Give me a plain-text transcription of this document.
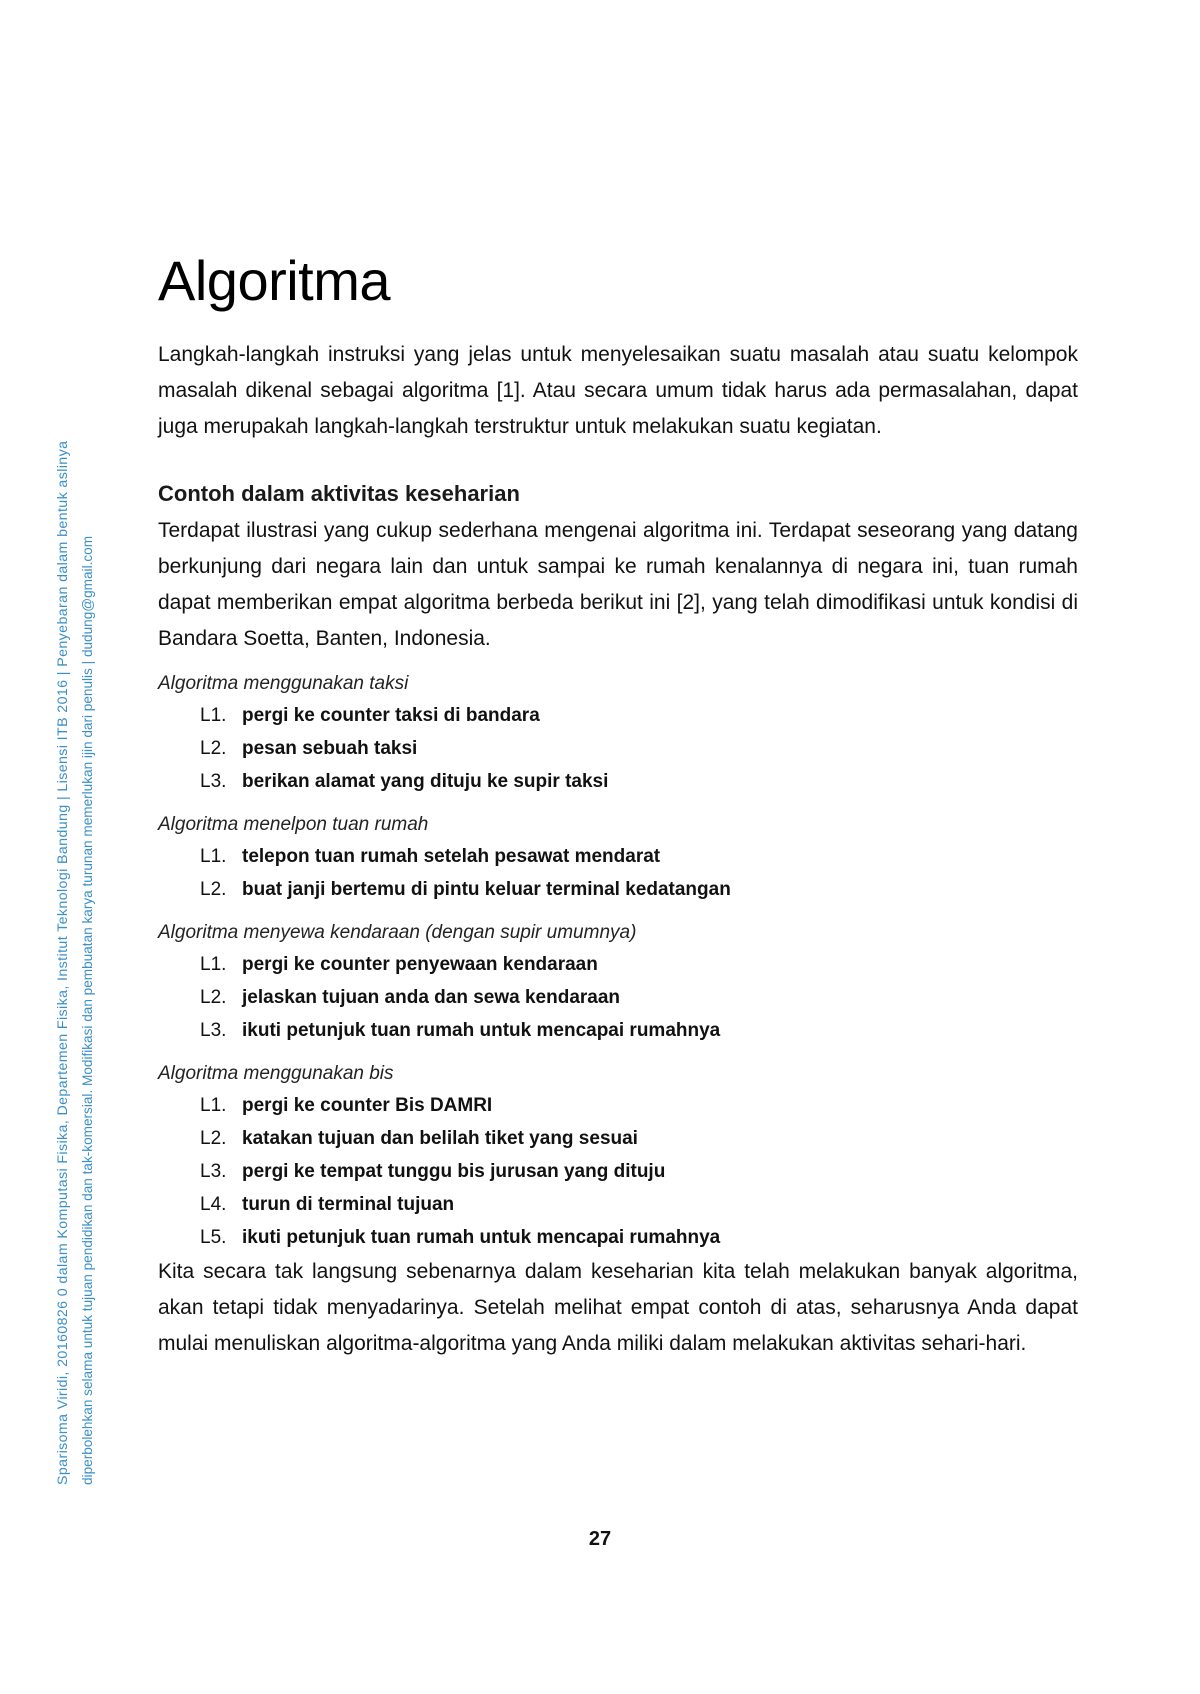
Sparisoma Viridi, 20160826 0 dalam Komputasi Fisika, Departemen Fisika, Institut Teknologi Bandung | Lisensi ITB 2016 | Penyebaran dalam bentuk aslinya diperbolehkan selama untuk tujuan pendidikan dan tak-komersial. Modifikasi dan pembuatan karya turunan memerlukan ijin dari penulis | dudung@gmail.com
Algoritma

Langkah-langkah instruksi yang jelas untuk menyelesaikan suatu masalah atau suatu kelompok masalah dikenal sebagai algoritma [1]. Atau secara umum tidak harus ada permasalahan, dapat juga merupakah langkah-langkah terstruktur untuk melakukan suatu kegiatan.

Contoh dalam aktivitas keseharian

Terdapat ilustrasi yang cukup sederhana mengenai algoritma ini. Terdapat seseorang yang datang berkunjung dari negara lain dan untuk sampai ke rumah kenalannya di negara ini, tuan rumah dapat memberikan empat algoritma berbeda berikut ini [2], yang telah dimodifikasi untuk kondisi di Bandara Soetta, Banten, Indonesia.

Algoritma menggunakan taksi
L1. pergi ke counter taksi di bandara
L2. pesan sebuah taksi
L3. berikan alamat yang dituju ke supir taksi
Algoritma menelpon tuan rumah
L1. telepon tuan rumah setelah pesawat mendarat
L2. buat janji bertemu di pintu keluar terminal kedatangan
Algoritma menyewa kendaraan (dengan supir umumnya)
L1. pergi ke counter penyewaan kendaraan
L2. jelaskan tujuan anda dan sewa kendaraan
L3. ikuti petunjuk tuan rumah untuk mencapai rumahnya
Algoritma menggunakan bis
L1. pergi ke counter Bis DAMRI
L2. katakan tujuan dan belilah tiket yang sesuai
L3. pergi ke tempat tunggu bis jurusan yang dituju
L4. turun di terminal tujuan
L5. ikuti petunjuk tuan rumah untuk mencapai rumahnya

Kita secara tak langsung sebenarnya dalam keseharian kita telah melakukan banyak algoritma, akan tetapi tidak menyadarinya. Setelah melihat empat contoh di atas, seharusnya Anda dapat mulai menuliskan algoritma-algoritma yang Anda miliki dalam melakukan aktivitas sehari-hari.

27
